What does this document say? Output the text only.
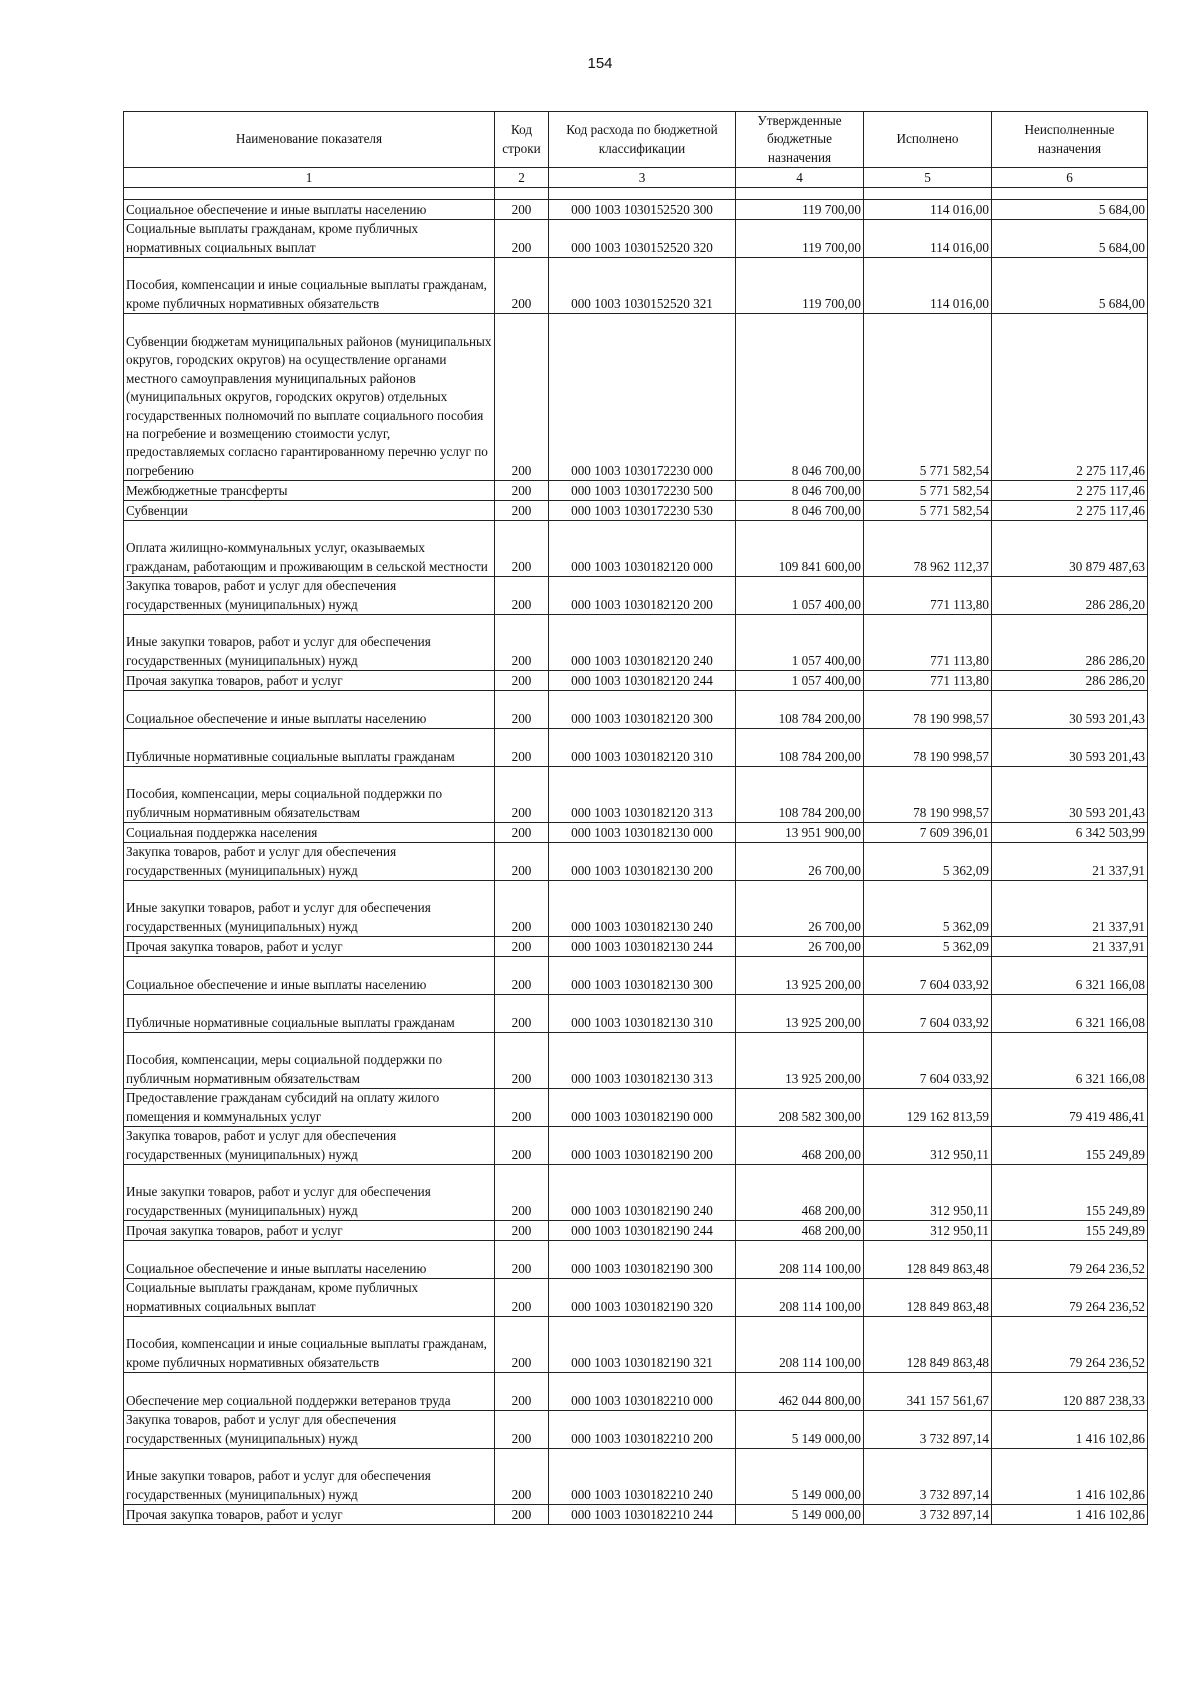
154
Наименование показателя	Код строки	Код расхода по бюджетной классификации	Утвержденные бюджетные назначения	Исполнено	Неисполненные назначения
1	2	3	4	5	6

Социальное обеспечение и иные выплаты населению	200	000 1003 1030152520 300	119 700,00	114 016,00	5 684,00
Социальные выплаты гражданам, кроме публичных нормативных социальных выплат	200	000 1003 1030152520 320	119 700,00	114 016,00	5 684,00
Пособия, компенсации и иные социальные выплаты гражданам, кроме публичных нормативных обязательств	200	000 1003 1030152520 321	119 700,00	114 016,00	5 684,00
Субвенции бюджетам муниципальных районов (муниципальных округов, городских округов) на осуществление органами местного самоуправления муниципальных районов (муниципальных округов, городских округов) отдельных государственных полномочий по выплате социального пособия на погребение и возмещению стоимости услуг, предоставляемых согласно гарантированному перечню услуг по погребению	200	000 1003 1030172230 000	8 046 700,00	5 771 582,54	2 275 117,46
Межбюджетные трансферты	200	000 1003 1030172230 500	8 046 700,00	5 771 582,54	2 275 117,46
Субвенции	200	000 1003 1030172230 530	8 046 700,00	5 771 582,54	2 275 117,46
Оплата жилищно-коммунальных услуг, оказываемых гражданам, работающим и проживающим в сельской местности	200	000 1003 1030182120 000	109 841 600,00	78 962 112,37	30 879 487,63
Закупка товаров, работ и услуг для обеспечения государственных (муниципальных) нужд	200	000 1003 1030182120 200	1 057 400,00	771 113,80	286 286,20
Иные закупки товаров, работ и услуг для обеспечения государственных (муниципальных) нужд	200	000 1003 1030182120 240	1 057 400,00	771 113,80	286 286,20
Прочая закупка товаров, работ и услуг	200	000 1003 1030182120 244	1 057 400,00	771 113,80	286 286,20
Социальное обеспечение и иные выплаты населению	200	000 1003 1030182120 300	108 784 200,00	78 190 998,57	30 593 201,43
Публичные нормативные социальные выплаты гражданам	200	000 1003 1030182120 310	108 784 200,00	78 190 998,57	30 593 201,43
Пособия, компенсации, меры социальной поддержки по публичным нормативным обязательствам	200	000 1003 1030182120 313	108 784 200,00	78 190 998,57	30 593 201,43
Социальная поддержка населения	200	000 1003 1030182130 000	13 951 900,00	7 609 396,01	6 342 503,99
Закупка товаров, работ и услуг для обеспечения государственных (муниципальных) нужд	200	000 1003 1030182130 200	26 700,00	5 362,09	21 337,91
Иные закупки товаров, работ и услуг для обеспечения государственных (муниципальных) нужд	200	000 1003 1030182130 240	26 700,00	5 362,09	21 337,91
Прочая закупка товаров, работ и услуг	200	000 1003 1030182130 244	26 700,00	5 362,09	21 337,91
Социальное обеспечение и иные выплаты населению	200	000 1003 1030182130 300	13 925 200,00	7 604 033,92	6 321 166,08
Публичные нормативные социальные выплаты гражданам	200	000 1003 1030182130 310	13 925 200,00	7 604 033,92	6 321 166,08
Пособия, компенсации, меры социальной поддержки по публичным нормативным обязательствам	200	000 1003 1030182130 313	13 925 200,00	7 604 033,92	6 321 166,08
Предоставление гражданам субсидий на оплату жилого помещения и коммунальных услуг	200	000 1003 1030182190 000	208 582 300,00	129 162 813,59	79 419 486,41
Закупка товаров, работ и услуг для обеспечения государственных (муниципальных) нужд	200	000 1003 1030182190 200	468 200,00	312 950,11	155 249,89
Иные закупки товаров, работ и услуг для обеспечения государственных (муниципальных) нужд	200	000 1003 1030182190 240	468 200,00	312 950,11	155 249,89
Прочая закупка товаров, работ и услуг	200	000 1003 1030182190 244	468 200,00	312 950,11	155 249,89
Социальное обеспечение и иные выплаты населению	200	000 1003 1030182190 300	208 114 100,00	128 849 863,48	79 264 236,52
Социальные выплаты гражданам, кроме публичных нормативных социальных выплат	200	000 1003 1030182190 320	208 114 100,00	128 849 863,48	79 264 236,52
Пособия, компенсации и иные социальные выплаты гражданам, кроме публичных нормативных обязательств	200	000 1003 1030182190 321	208 114 100,00	128 849 863,48	79 264 236,52
Обеспечение мер социальной поддержки ветеранов труда	200	000 1003 1030182210 000	462 044 800,00	341 157 561,67	120 887 238,33
Закупка товаров, работ и услуг для обеспечения государственных (муниципальных) нужд	200	000 1003 1030182210 200	5 149 000,00	3 732 897,14	1 416 102,86
Иные закупки товаров, работ и услуг для обеспечения государственных (муниципальных) нужд	200	000 1003 1030182210 240	5 149 000,00	3 732 897,14	1 416 102,86
Прочая закупка товаров, работ и услуг	200	000 1003 1030182210 244	5 149 000,00	3 732 897,14	1 416 102,86
